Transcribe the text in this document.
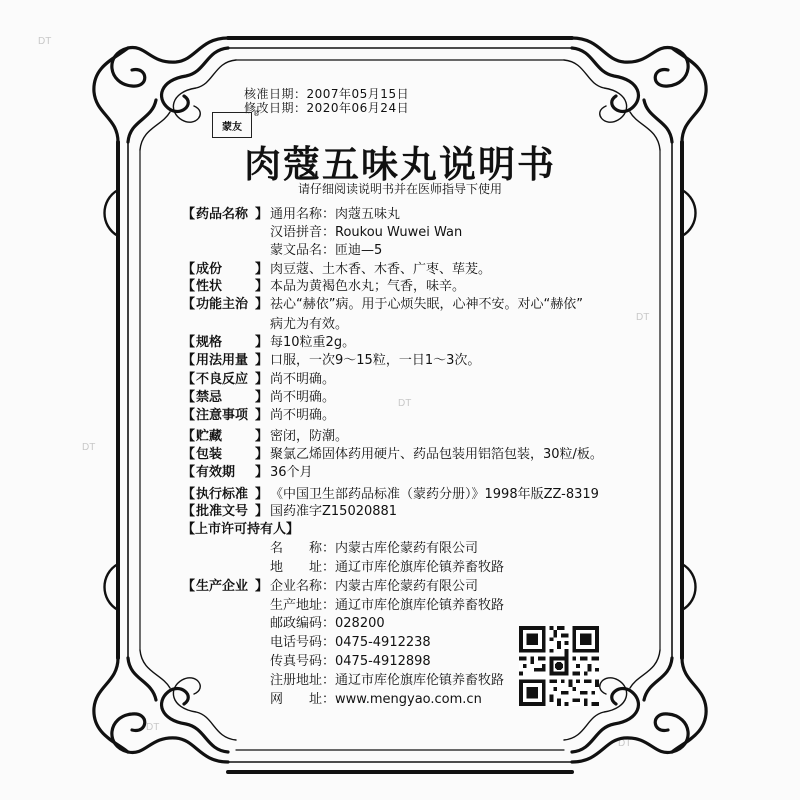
DT
DT
DT
DT
DT
DT
核准日期：2007年05月15日
修改日期：2020年06月24日
蒙友 ®
肉蔻五味丸说明书
请仔细阅读说明书并在医师指导下使用
【 药品名称 】 通用名称：肉蔻五味丸
汉语拼音：Roukou Wuwei Wan
蒙文品名：匝迪—5
【 成份	】 肉豆蔻、土木香、木香、广枣、荜茇。
【 性状	】 本品为黄褐色水丸；气香，味辛。
【 功能主治 】 祛心“赫依”病。用于心烦失眠，心神不安。对心“赫依”
病尤为有效。
【 规格	】 每10粒重2g。
【 用法用量 】 口服，一次9～15粒，一日1～3次。
【 不良反应 】 尚不明确。
【 禁忌	】 尚不明确。
【 注意事项 】 尚不明确。
【 贮藏	】 密闭，防潮。
【 包装	】 聚氯乙烯固体药用硬片、药品包装用铝箔包装，30粒/板。
【 有效期	】 36个月
【 执行标准 】 《中国卫生部药品标准（蒙药分册）》1998年版ZZ-8319
【 批准文号 】 国药准字Z15020881
【上市许可持有人】
名　　称：内蒙古库伦蒙药有限公司
地　　址：通辽市库伦旗库伦镇养畜牧路
【 生产企业 】 企业名称：内蒙古库伦蒙药有限公司
生产地址：通辽市库伦旗库伦镇养畜牧路
邮政编码：028200
电话号码：0475-4912238
传真号码：0475-4912898
注册地址：通辽市库伦旗库伦镇养畜牧路
网　　址：www.mengyao.com.cn
